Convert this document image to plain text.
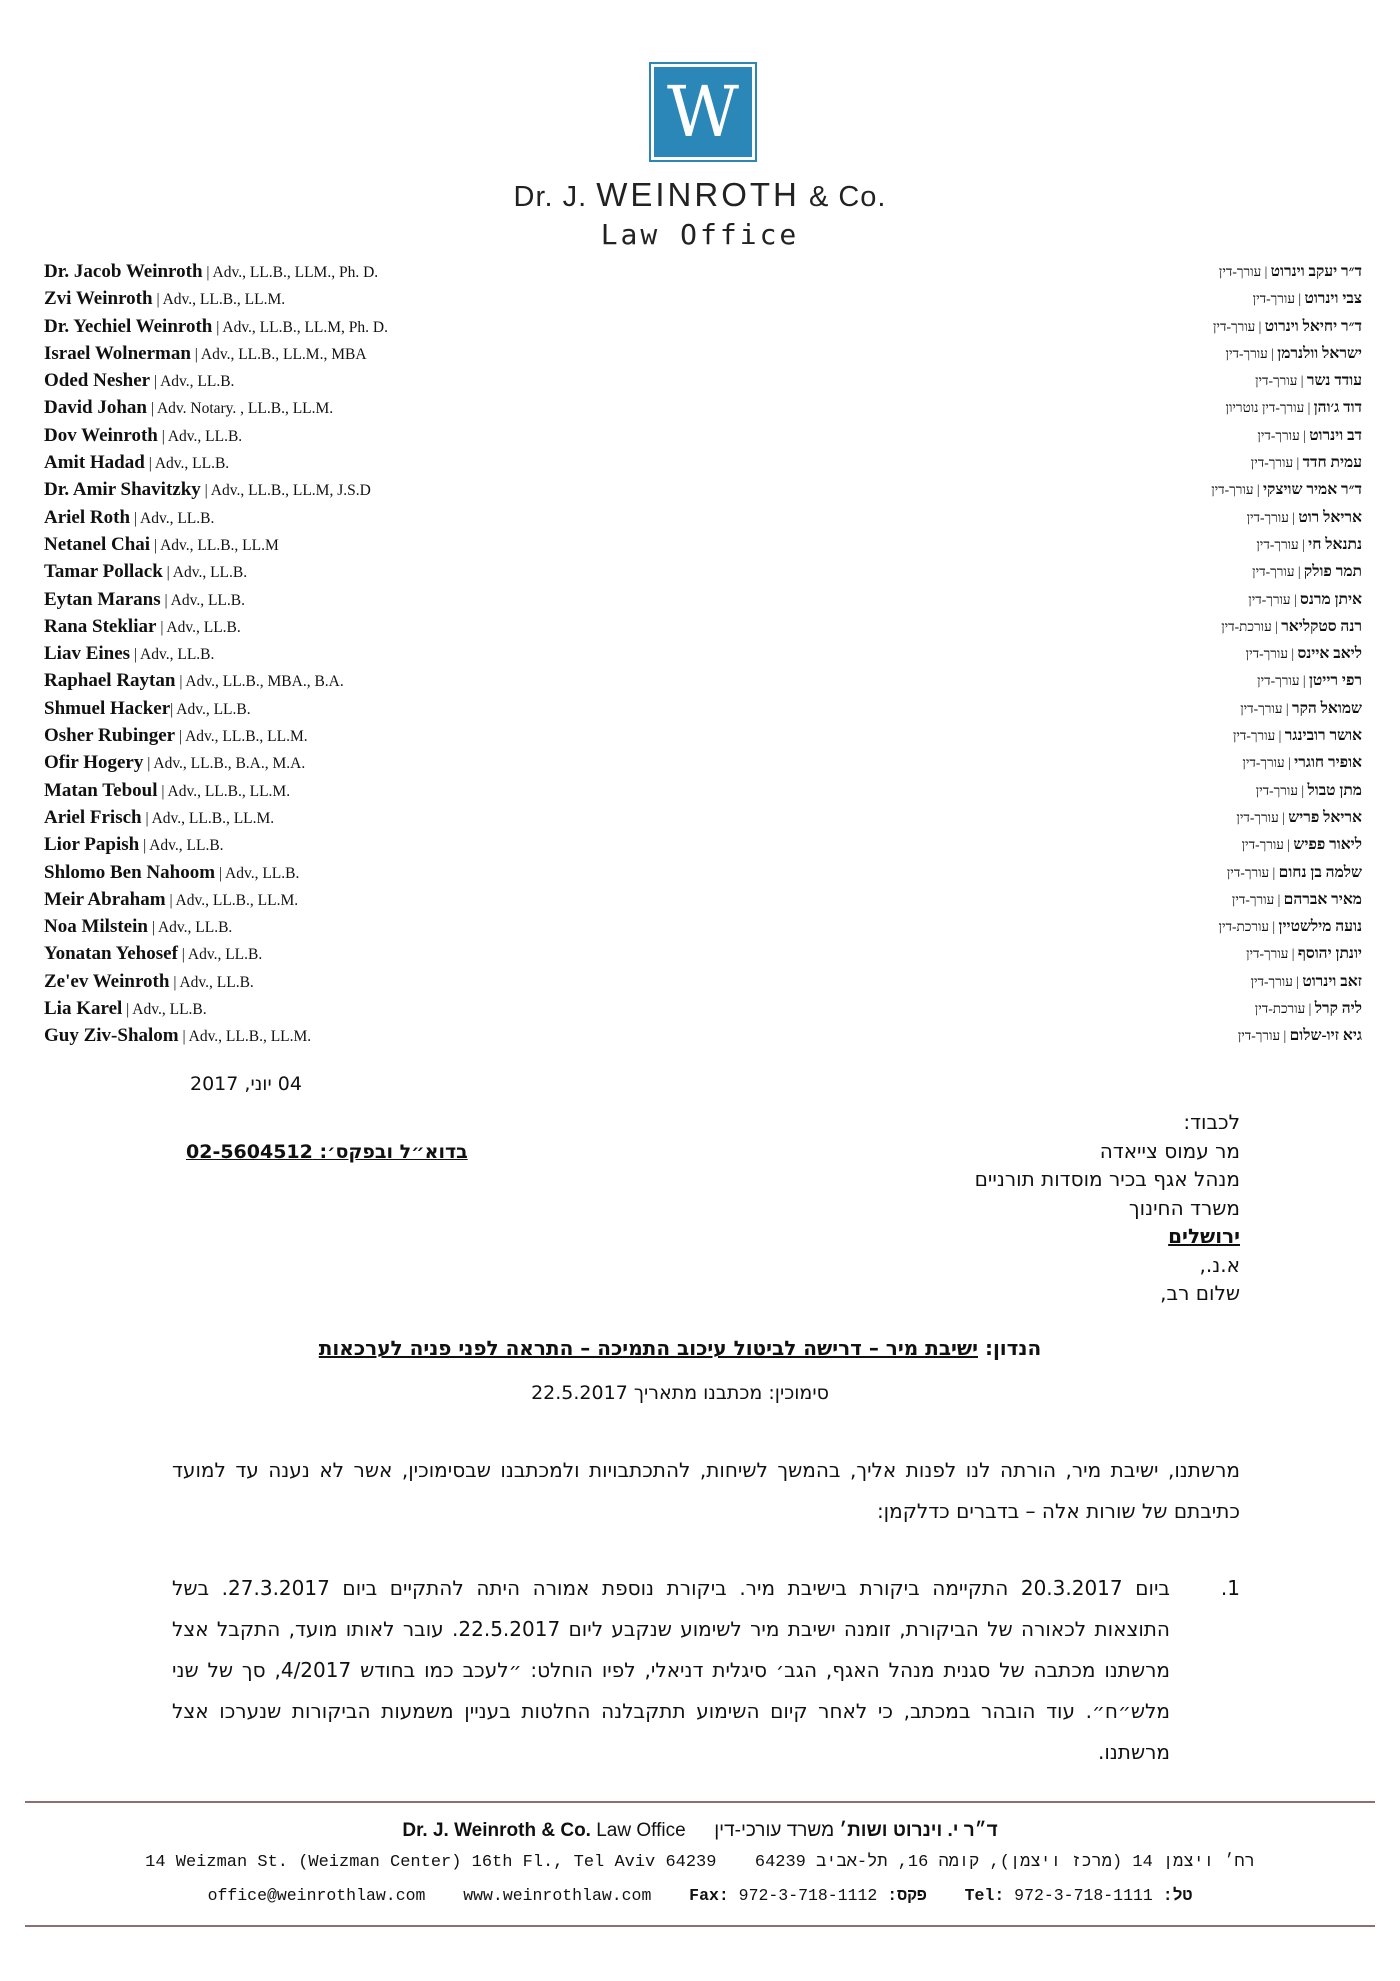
W
Dr. J. WEINROTH & Co.
Law Office
Dr. Jacob Weinroth | Adv., LL.B., LLM., Ph. D.
Zvi Weinroth | Adv., LL.B., LL.M.
Dr. Yechiel Weinroth | Adv., LL.B., LL.M, Ph. D.
Israel Wolnerman | Adv., LL.B., LL.M., MBA
Oded Nesher | Adv., LL.B.
David Johan | Adv. Notary. , LL.B., LL.M.
Dov Weinroth | Adv., LL.B.
Amit Hadad | Adv., LL.B.
Dr. Amir Shavitzky | Adv., LL.B., LL.M, J.S.D
Ariel Roth | Adv., LL.B.
Netanel Chai | Adv., LL.B., LL.M
Tamar Pollack | Adv., LL.B.
Eytan Marans | Adv., LL.B.
Rana Stekliar | Adv., LL.B.
Liav Eines | Adv., LL.B.
Raphael Raytan | Adv., LL.B., MBA., B.A.
Shmuel Hacker| Adv., LL.B.
Osher Rubinger | Adv., LL.B., LL.M.
Ofir Hogery | Adv., LL.B., B.A., M.A.
Matan Teboul | Adv., LL.B., LL.M.
Ariel Frisch | Adv., LL.B., LL.M.
Lior Papish | Adv., LL.B.
Shlomo Ben Nahoom | Adv., LL.B.
Meir Abraham | Adv., LL.B., LL.M.
Noa Milstein | Adv., LL.B.
Yonatan Yehosef | Adv., LL.B.
Ze'ev Weinroth | Adv., LL.B.
Lia Karel | Adv., LL.B.
Guy Ziv-Shalom | Adv., LL.B., LL.M.
ד״ר יעקב וינרוט | עורך-דין
צבי וינרוט | עורך-דין
ד״ר יחיאל וינרוט | עורך-דין
ישראל וולנרמן | עורך-דין
עודד נשר | עורך-דין
דוד ג׳והן | עורך-דין נוטריון
דב וינרוט | עורך-דין
עמית חדד | עורך-דין
ד״ר אמיר שויצקי | עורך-דין
אריאל רוט | עורך-דין
נתנאל חי | עורך-דין
תמר פולק | עורך-דין
איתן מרנס | עורך-דין
רנה סטקליאר | עורכת-דין
ליאב איינס | עורך-דין
רפי רייטן | עורך-דין
שמואל הקר | עורך-דין
אושר רובינגר | עורך-דין
אופיר חוגרי | עורך-דין
מתן טבול | עורך-דין
אריאל פריש | עורך-דין
ליאור פפיש | עורך-דין
שלמה בן נחום | עורך-דין
מאיר אברהם | עורך-דין
נועה מילשטיין | עורכת-דין
יונתן יהוסף | עורך-דין
זאב וינרוט | עורך-דין
ליה קרל | עורכת-דין
גיא זיו-שלום | עורך-דין
04 יוני, 2017
בדוא״ל ובפקס׳: 02-5604512
לכבוד:
מר עמוס צייאדה
מנהל אגף בכיר מוסדות תורניים
משרד החינוך
ירושלים
א.נ.,
שלום רב,
הנדון: ישיבת מיר – דרישה לביטול עיכוב התמיכה – התראה לפני פניה לערכאות
סימוכין: מכתבנו מתאריך 22.5.2017
מרשתנו, ישיבת מיר, הורתה לנו לפנות אליך, בהמשך לשיחות, להתכתבויות ולמכתבנו שבסימוכין, אשר לא נענה עד למועד כתיבתם של שורות אלה – בדברים כדלקמן:
1.
ביום 20.3.2017 התקיימה ביקורת בישיבת מיר. ביקורת נוספת אמורה היתה להתקיים ביום 27.3.2017. בשל התוצאות לכאורה של הביקורת, זומנה ישיבת מיר לשימוע שנקבע ליום 22.5.2017. עובר לאותו מועד, התקבל אצל מרשתנו מכתבה של סגנית מנהל האגף, הגב׳ סיגלית דניאלי, לפיו הוחלט: ״לעכב כמו בחודש 4/2017, סך של שני מלש״ח״. עוד הובהר במכתב, כי לאחר קיום השימוע תתקבלנה החלטות בעניין משמעות הביקורות שנערכו אצל מרשתנו.
Dr. J. Weinroth & Co. Law Office	ד״ר י. וינרוט ושות׳ משרד עורכי-דין
14 Weizman St. (Weizman Center) 16th Fl., Tel Aviv 64239 רח׳ ויצמן 14 (מרכז ויצמן), קומה 16, תל-אביב 64239
office@weinrothlaw.com www.weinrothlaw.com Fax: 972-3-718-1112 :פקס Tel: 972-3-718-1111 :טל
